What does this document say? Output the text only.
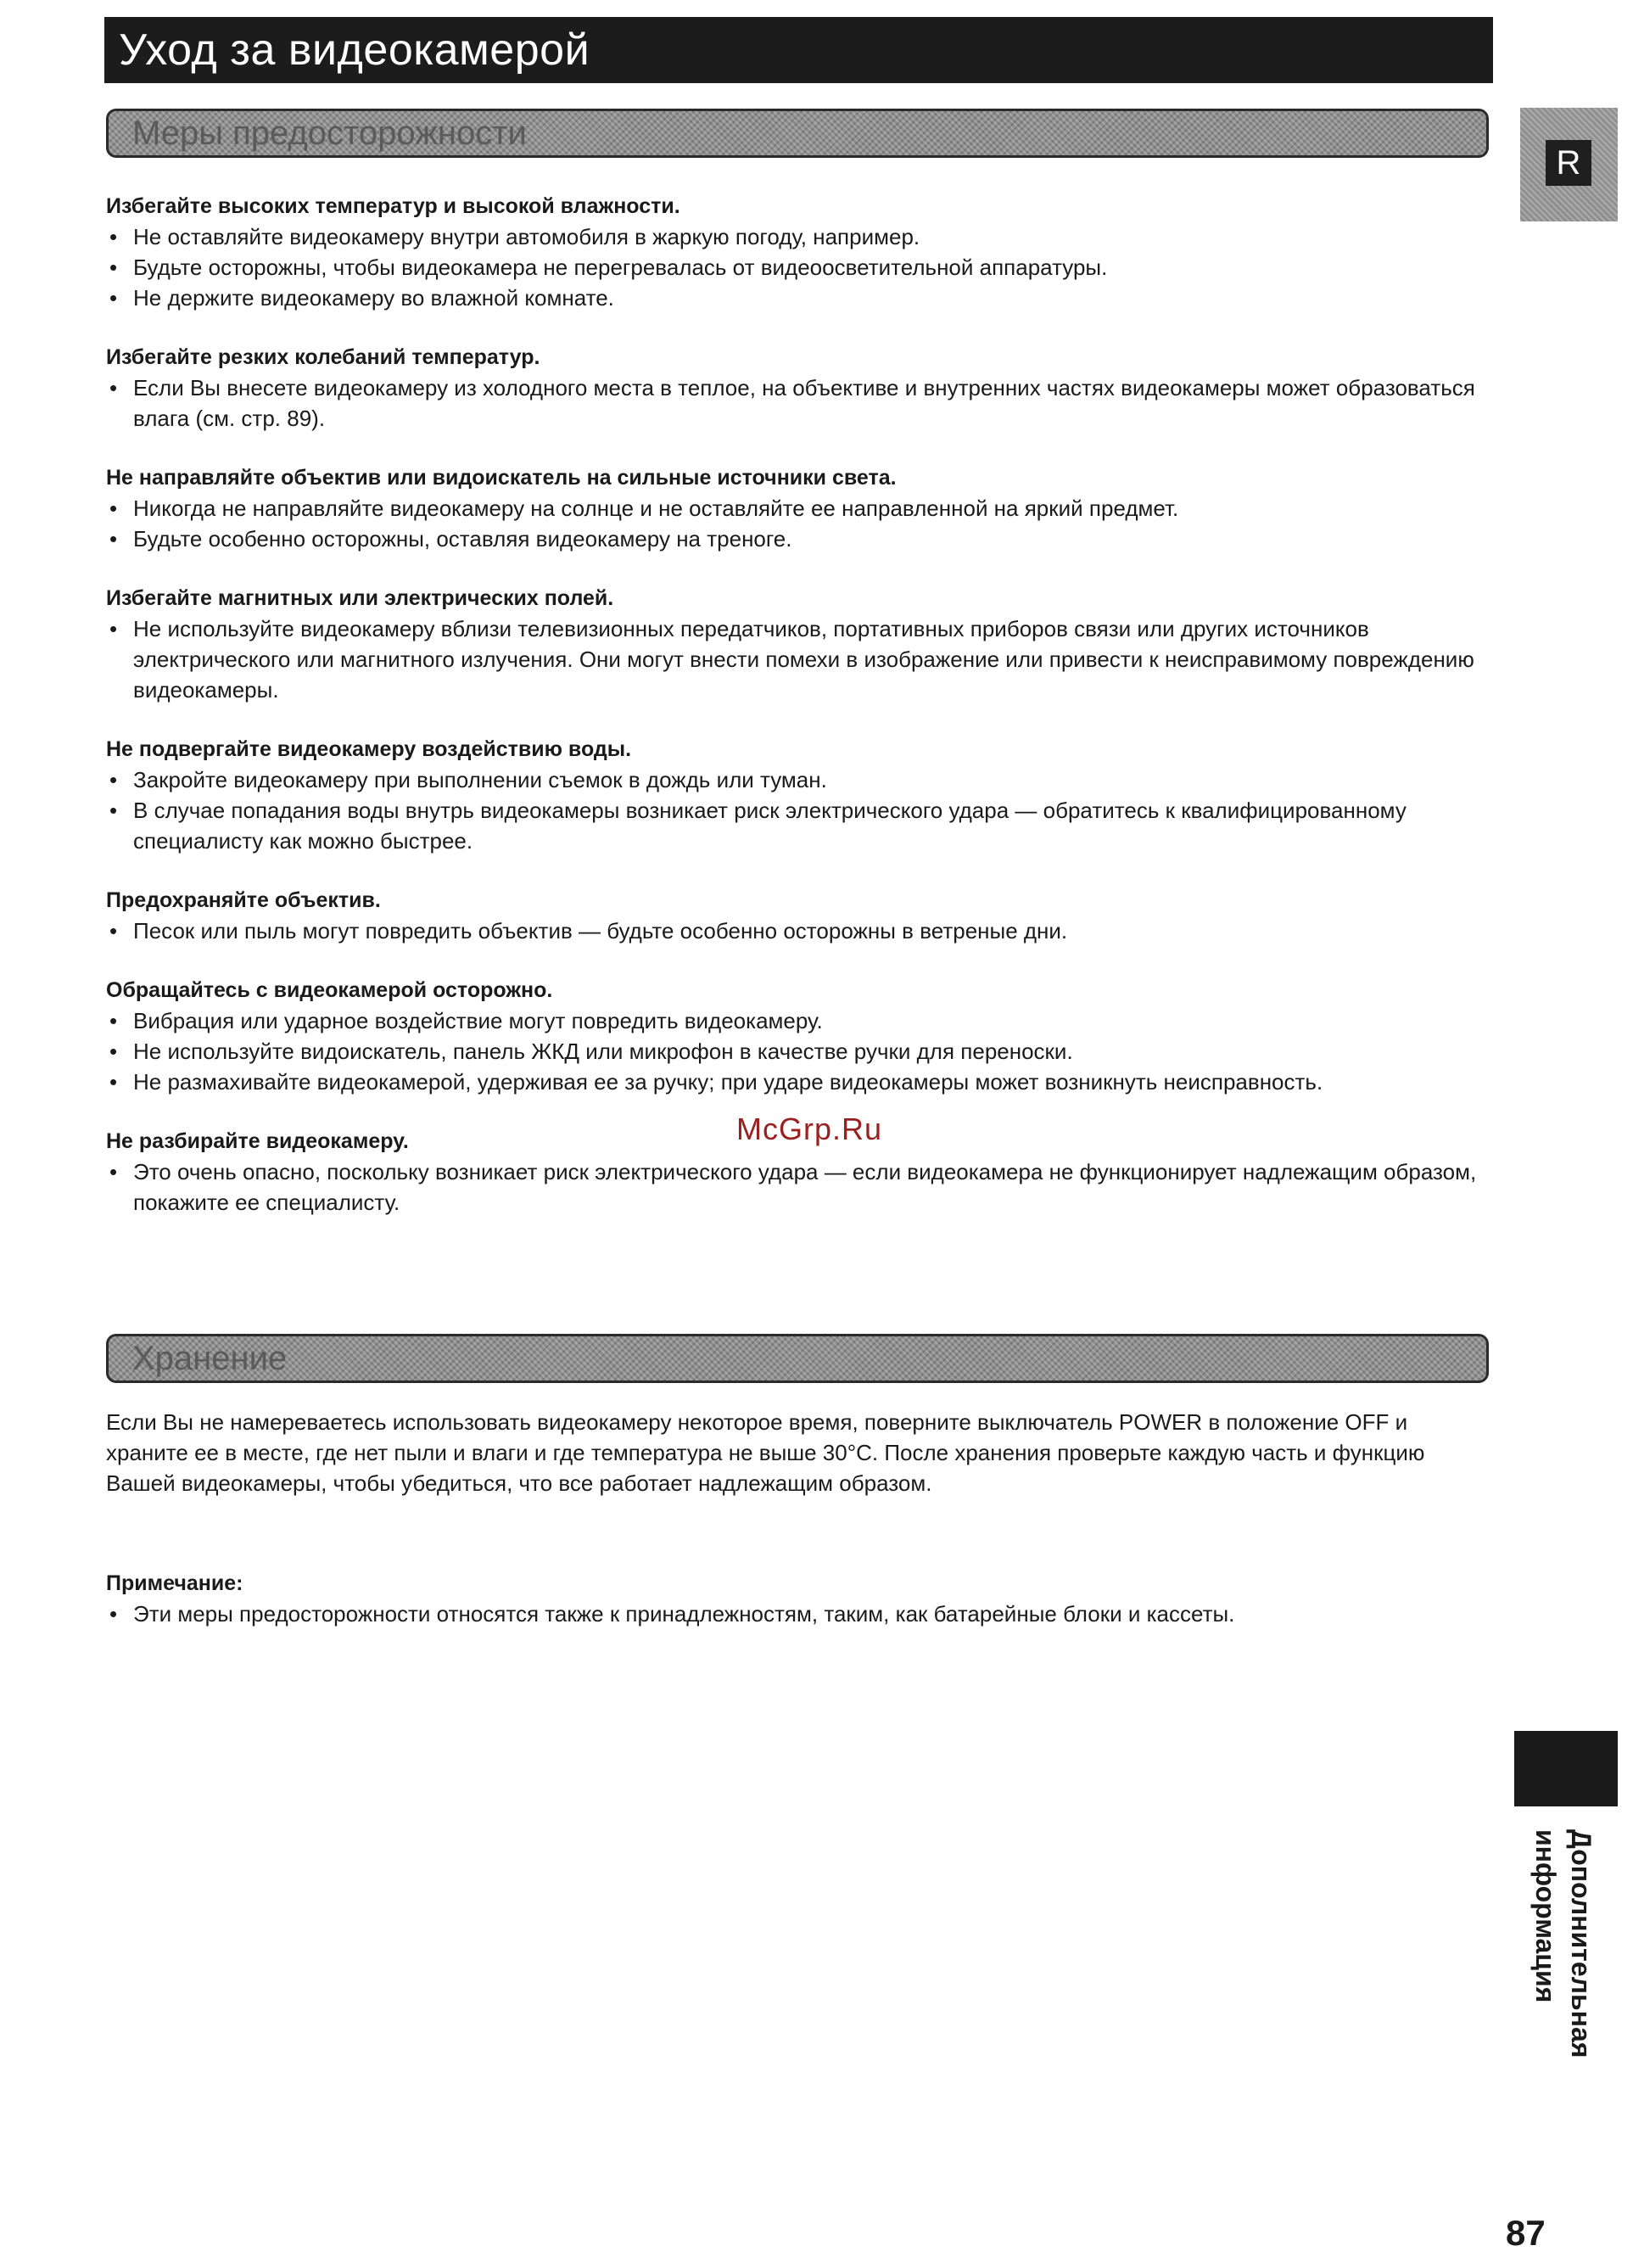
Уход за видеокамерой
Меры предосторожности
R
Избегайте высоких температур и высокой влажности.
• Не оставляйте видеокамеру внутри автомобиля в жаркую погоду, например.
• Будьте осторожны, чтобы видеокамера не перегревалась от видеоосветительной аппаратуры.
• Не держите видеокамеру во влажной комнате.
Избегайте резких колебаний температур.
• Если Вы внесете видеокамеру из холодного места в теплое, на объективе и внутренних частях видеокамеры может образоваться влага (см. стр. 89).
Не направляйте объектив или видоискатель на сильные источники света.
• Никогда не направляйте видеокамеру на солнце и не оставляйте ее направленной на яркий предмет.
• Будьте особенно осторожны, оставляя видеокамеру на треноге.
Избегайте магнитных или электрических полей.
• Не используйте видеокамеру вблизи телевизионных передатчиков, портативных приборов связи или других источников электрического или магнитного излучения. Они могут внести помехи в изображение или привести к неисправимому повреждению видеокамеры.
Не подвергайте видеокамеру воздействию воды.
• Закройте видеокамеру при выполнении съемок в дождь или туман.
• В случае попадания воды внутрь видеокамеры возникает риск электрического удара — обратитесь к квалифицированному специалисту как можно быстрее.
Предохраняйте объектив.
• Песок или пыль могут повредить объектив — будьте особенно осторожны в ветреные дни.
Обращайтесь с видеокамерой осторожно.
• Вибрация или ударное воздействие могут повредить видеокамеру.
• Не используйте видоискатель, панель ЖКД или микрофон в качестве ручки для переноски.
• Не размахивайте видеокамерой, удерживая ее за ручку; при ударе видеокамеры может возникнуть неисправность.
Не разбирайте видеокамеру.
• Это очень опасно, поскольку возникает риск электрического удара — если видеокамера не функционирует надлежащим образом, покажите ее специалисту.
McGrp.Ru
Хранение
Если Вы не намереваетесь использовать видеокамеру некоторое время, поверните выключатель POWER в положение OFF и храните ее в месте, где нет пыли и влаги и где температура не выше 30°С. После хранения проверьте каждую часть и функцию Вашей видеокамеры, чтобы убедиться, что все работает надлежащим образом.
Примечание:
• Эти меры предосторожности относятся также к принадлежностям, таким, как батарейные блоки и кассеты.
Дополнительная информация
87
